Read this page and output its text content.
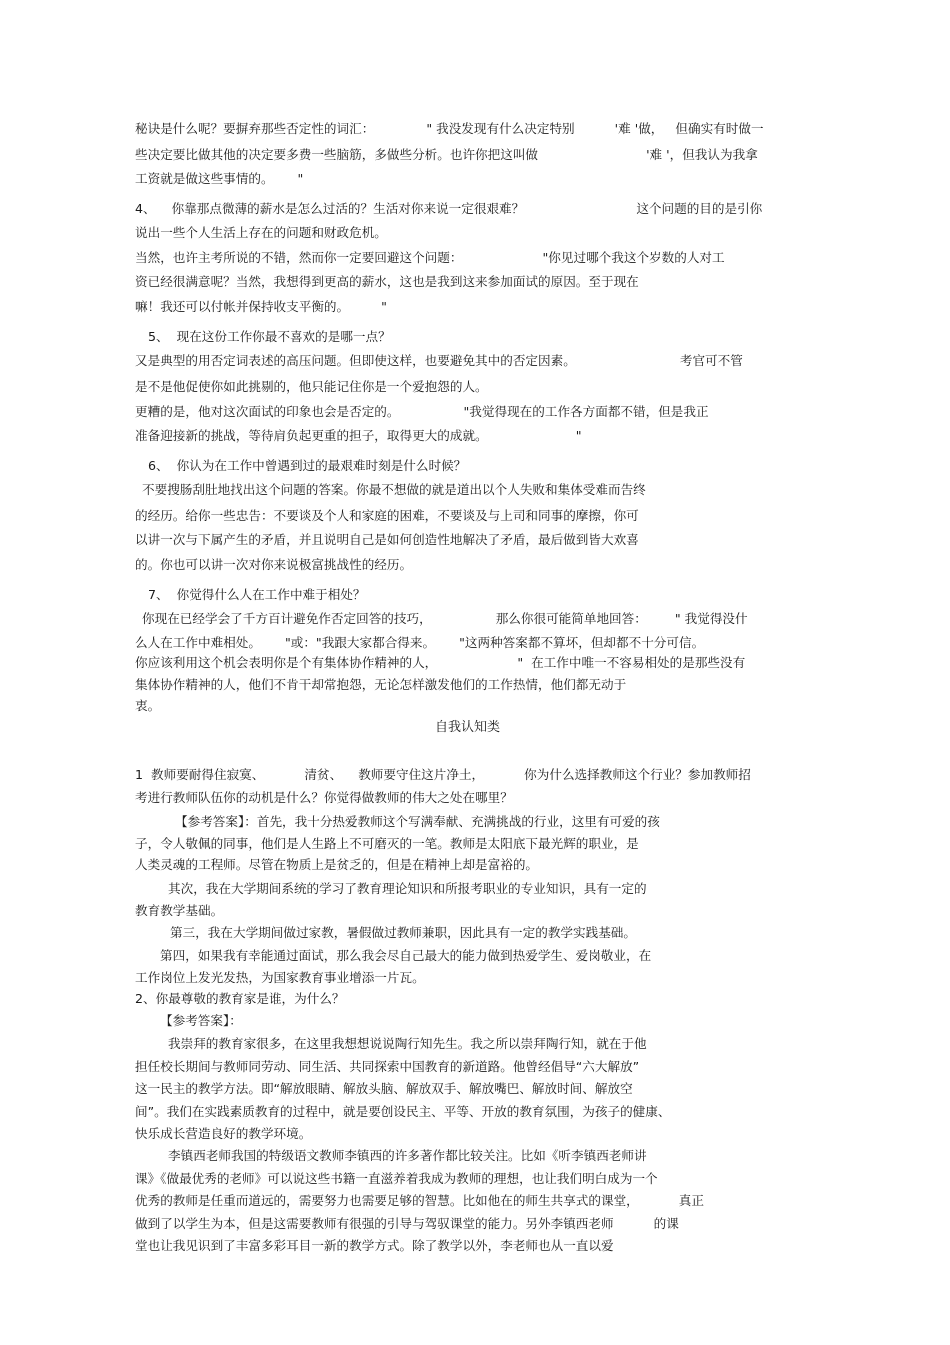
秘诀是什么呢？要摒弃那些否定性的词汇：             " 我没发现有什么决定特别          '难 '做，   但确实有时做一
些决定要比做其他的决定要多费一些脑筋，多做些分析。也许你把这叫做                           '难 '，但我认为我拿
工资就是做这些事情的。      "
4、    你靠那点微薄的薪水是怎么过活的？生活对你来说一定很艰难？                            这个问题的目的是引你
说出一些个人生活上存在的问题和财政危机。
当然，也许主考所说的不错，然而你一定要回避这个问题：                    "你见过哪个我这个岁数的人对工
资已经很满意呢？当然，我想得到更高的薪水，这也是我到这来参加面试的原因。至于现在
嘛！我还可以付帐并保持收支平衡的。        "
5、  现在这份工作你最不喜欢的是哪一点？
又是典型的用否定词表述的高压问题。但即使这样，也要避免其中的否定因素。                          考官可不管
是不是他促使你如此挑剔的，他只能记住你是一个爱抱怨的人。
更糟的是，他对这次面试的印象也会是否定的。                "我觉得现在的工作各方面都不错，但是我正
准备迎接新的挑战，等待肩负起更重的担子，取得更大的成就。                      "
6、  你认为在工作中曾遇到过的最艰难时刻是什么时候？
不要搜肠刮肚地找出这个问题的答案。你最不想做的就是道出以个人失败和集体受难而告终
的经历。给你一些忠告：不要谈及个人和家庭的困难，不要谈及与上司和同事的摩擦，你可
以讲一次与下属产生的矛盾，并且说明自己是如何创造性地解决了矛盾，最后做到皆大欢喜
的。你也可以讲一次对你来说极富挑战性的经历。
7、  你觉得什么人在工作中难于相处？
你现在已经学会了千方百计避免作否定回答的技巧，                那么你很可能简单地回答：       " 我觉得没什
么人在工作中难相处。      "或："我跟大家都合得来。      "这两种答案都不算坏，但却都不十分可信。
你应该利用这个机会表明你是个有集体协作精神的人，                    "  在工作中唯一不容易相处的是那些没有
集体协作精神的人，他们不肯干却常抱怨，无论怎样激发他们的工作热情，他们都无动于
衷。
自我认知类
1  教师要耐得住寂寞、          清贫、    教师要守住这片净土，          你为什么选择教师这个行业？参加教师招
考进行教师队伍你的动机是什么？你觉得做教师的伟大之处在哪里？
【参考答案】：首先，我十分热爱教师这个写满奉献、充满挑战的行业，这里有可爱的孩
子，令人敬佩的同事，他们是人生路上不可磨灭的一笔。教师是太阳底下最光辉的职业，是
人类灵魂的工程师。尽管在物质上是贫乏的，但是在精神上却是富裕的。
其次，我在大学期间系统的学习了教育理论知识和所报考职业的专业知识，具有一定的
教育教学基础。
第三，我在大学期间做过家教，暑假做过教师兼职，因此具有一定的教学实践基础。
第四，如果我有幸能通过面试，那么我会尽自己最大的能力做到热爱学生、爱岗敬业，在
工作岗位上发光发热，为国家教育事业增添一片瓦。
2、你最尊敬的教育家是谁，为什么？
【参考答案】：
我崇拜的教育家很多，在这里我想想说说陶行知先生。我之所以崇拜陶行知，就在于他
担任校长期间与教师同劳动、同生活、共同探索中国教育的新道路。他曾经倡导“六大解放”
这一民主的教学方法。即“解放眼睛、解放头脑、解放双手、解放嘴巴、解放时间、解放空
间”。我们在实践素质教育的过程中，就是要创设民主、平等、开放的教育氛围，为孩子的健康、
快乐成长营造良好的教学环境。
李镇西老师我国的特级语文教师李镇西的许多著作都比较关注。比如《听李镇西老师讲
课》《做最优秀的老师》可以说这些书籍一直滋养着我成为教师的理想，也让我们明白成为一个
优秀的教师是任重而道远的，需要努力也需要足够的智慧。比如他在的师生共享式的课堂，          真正
做到了以学生为本，但是这需要教师有很强的引导与驾驭课堂的能力。另外李镇西老师          的课
堂也让我见识到了丰富多彩耳目一新的教学方式。除了教学以外，李老师也从一直以爱
